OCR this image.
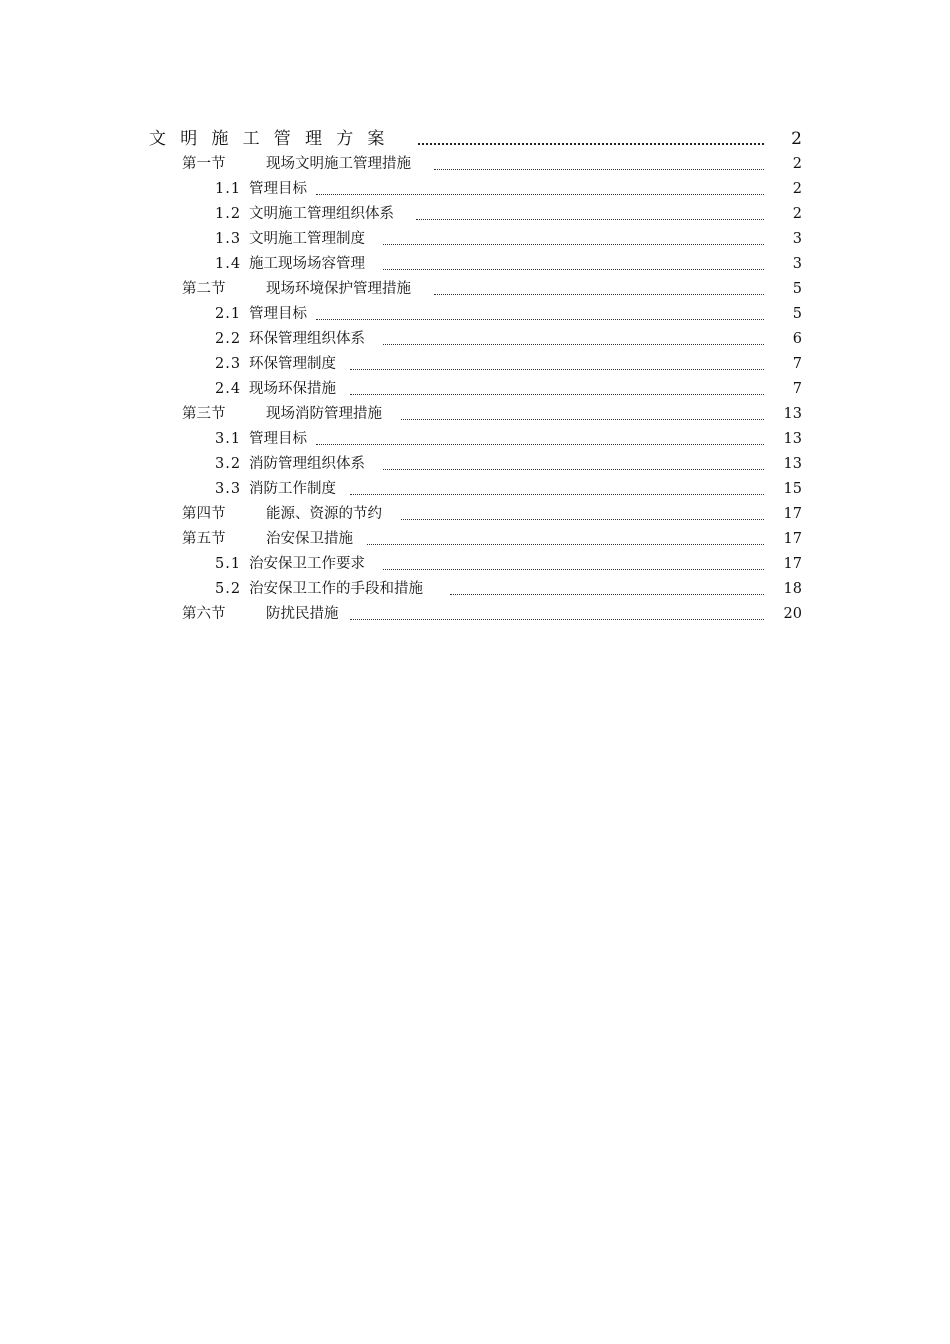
文明施工管理方案	2
第一节	现场文明施工管理措施	2
1.1 管理目标	2
1.2 文明施工管理组织体系	2
1.3 文明施工管理制度	3
1.4 施工现场场容管理	3
第二节	现场环境保护管理措施	5
2.1 管理目标	5
2.2 环保管理组织体系	6
2.3 环保管理制度	7
2.4 现场环保措施	7
第三节	现场消防管理措施	13
3.1 管理目标	13
3.2 消防管理组织体系	13
3.3 消防工作制度	15
第四节	能源、资源的节约	17
第五节	治安保卫措施	17
5.1 治安保卫工作要求	17
5.2 治安保卫工作的手段和措施	18
第六节	防扰民措施	20
